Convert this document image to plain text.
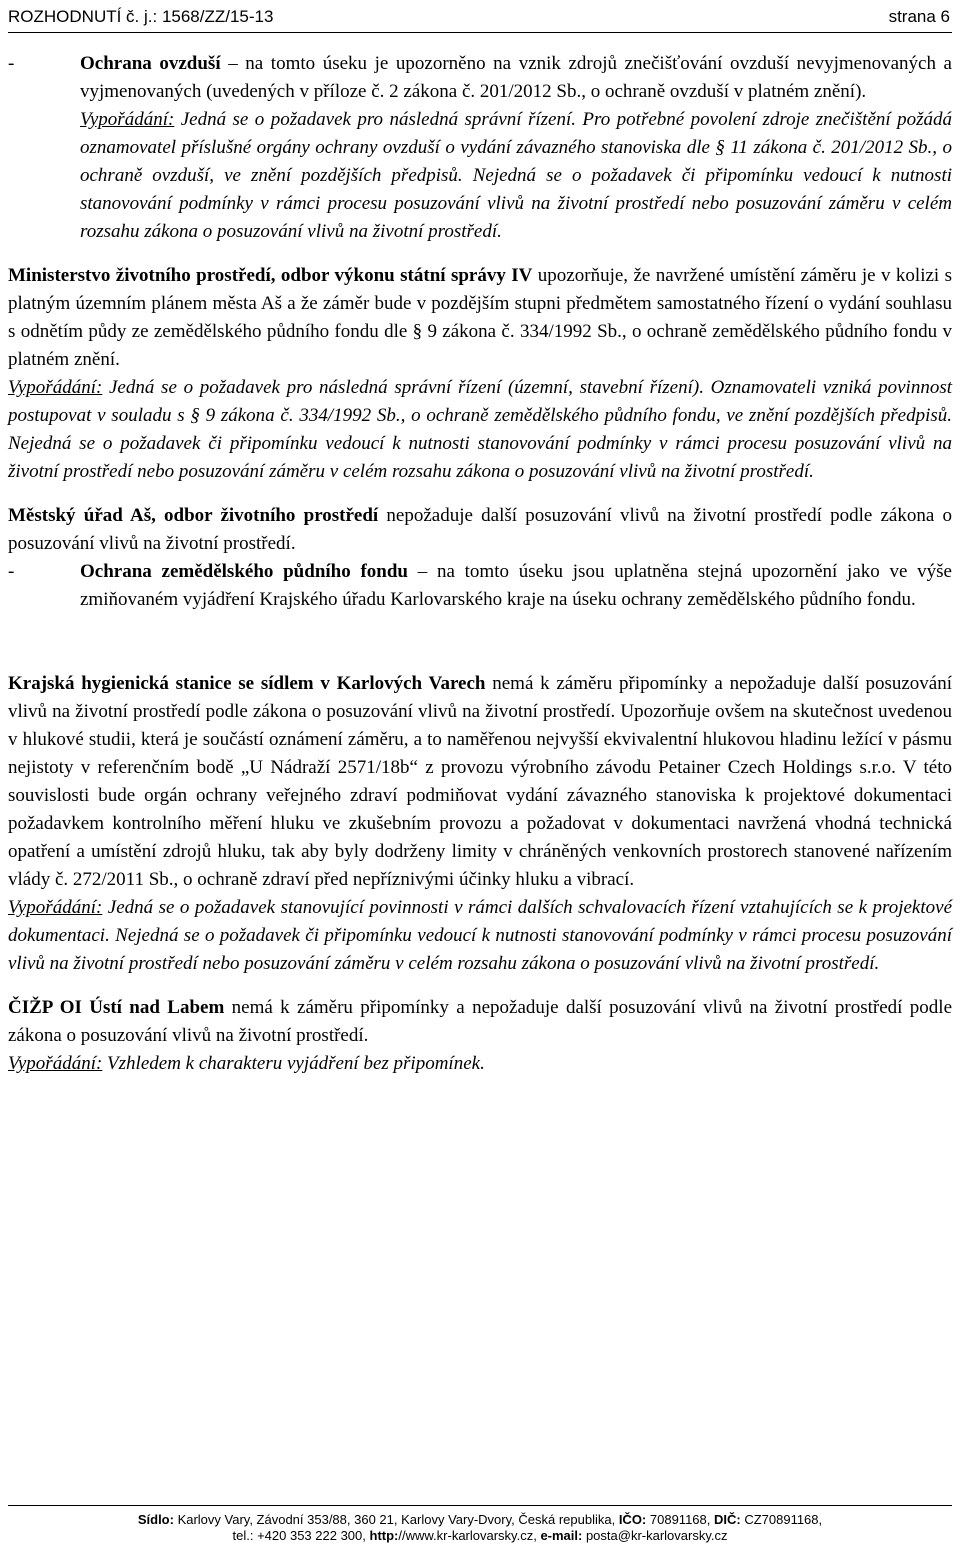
ROZHODNUTÍ č. j.: 1568/ZZ/15-13	strana 6
-	Ochrana ovzduší – na tomto úseku je upozorněno na vznik zdrojů znečišťování ovzduší nevyjmenovaných a vyjmenovaných (uvedených v příloze č. 2 zákona č. 201/2012 Sb., o ochraně ovzduší v platném znění).

Vypořádání: Jedná se o požadavek pro následná správní řízení. Pro potřebné povolení zdroje znečištění požádá oznamovatel příslušné orgány ochrany ovzduší o vydání závazného stanoviska dle § 11 zákona č. 201/2012 Sb., o ochraně ovzduší, ve znění pozdějších předpisů. Nejedná se o požadavek či připomínku vedoucí k nutnosti stanovování podmínky v rámci procesu posuzování vlivů na životní prostředí nebo posuzování záměru v celém rozsahu zákona o posuzování vlivů na životní prostředí.

Ministerstvo životního prostředí, odbor výkonu státní správy IV upozorňuje, že navržené umístění záměru je v kolizi s platným územním plánem města Aš a že záměr bude v pozdějším stupni předmětem samostatného řízení o vydání souhlasu s odnětím půdy ze zemědělského půdního fondu dle § 9 zákona č. 334/1992 Sb., o ochraně zemědělského půdního fondu v platném znění.

Vypořádání: Jedná se o požadavek pro následná správní řízení (územní, stavební řízení). Oznamovateli vzniká povinnost postupovat v souladu s § 9 zákona č. 334/1992 Sb., o ochraně zemědělského půdního fondu, ve znění pozdějších předpisů. Nejedná se o požadavek či připomínku vedoucí k nutnosti stanovování podmínky v rámci procesu posuzování vlivů na životní prostředí nebo posuzování záměru v celém rozsahu zákona o posuzování vlivů na životní prostředí.

Městský úřad Aš, odbor životního prostředí nepožaduje další posuzování vlivů na životní prostředí podle zákona o posuzování vlivů na životní prostředí.

-	Ochrana zemědělského půdního fondu – na tomto úseku jsou uplatněna stejná upozornění jako ve výše zmiňovaném vyjádření Krajského úřadu Karlovarského kraje na úseku ochrany zemědělského půdního fondu.

Krajská hygienická stanice se sídlem v Karlových Varech nemá k záměru připomínky a nepožaduje další posuzování vlivů na životní prostředí podle zákona o posuzování vlivů na životní prostředí. Upozorňuje ovšem na skutečnost uvedenou v hlukové studii, která je součástí oznámení záměru, a to naměřenou nejvyšší ekvivalentní hlukovou hladinu ležící v pásmu nejistoty v referenčním bodě „U Nádraží 2571/18b“ z provozu výrobního závodu Petainer Czech Holdings s.r.o. V této souvislosti bude orgán ochrany veřejného zdraví podmiňovat vydání závazného stanoviska k projektové dokumentaci požadavkem kontrolního měření hluku ve zkušebním provozu a požadovat v dokumentaci navržená vhodná technická opatření a umístění zdrojů hluku, tak aby byly dodrženy limity v chráněných venkovních prostorech stanovené nařízením vlády č. 272/2011 Sb., o ochraně zdraví před nepříznivými účinky hluku a vibrací.

Vypořádání: Jedná se o požadavek stanovující povinnosti v rámci dalších schvalovacích řízení vztahujících se k projektové dokumentaci. Nejedná se o požadavek či připomínku vedoucí k nutnosti stanovování podmínky v rámci procesu posuzování vlivů na životní prostředí nebo posuzování záměru v celém rozsahu zákona o posuzování vlivů na životní prostředí.

ČIŽP OI Ústí nad Labem nemá k záměru připomínky a nepožaduje další posuzování vlivů na životní prostředí podle zákona o posuzování vlivů na životní prostředí.

Vypořádání: Vzhledem k charakteru vyjádření bez připomínek.

Sídlo: Karlovy Vary, Závodní 353/88, 360 21, Karlovy Vary-Dvory, Česká republika, IČO: 70891168, DIČ: CZ70891168,
tel.: +420 353 222 300, http://www.kr-karlovarsky.cz, e-mail: posta@kr-karlovarsky.cz
